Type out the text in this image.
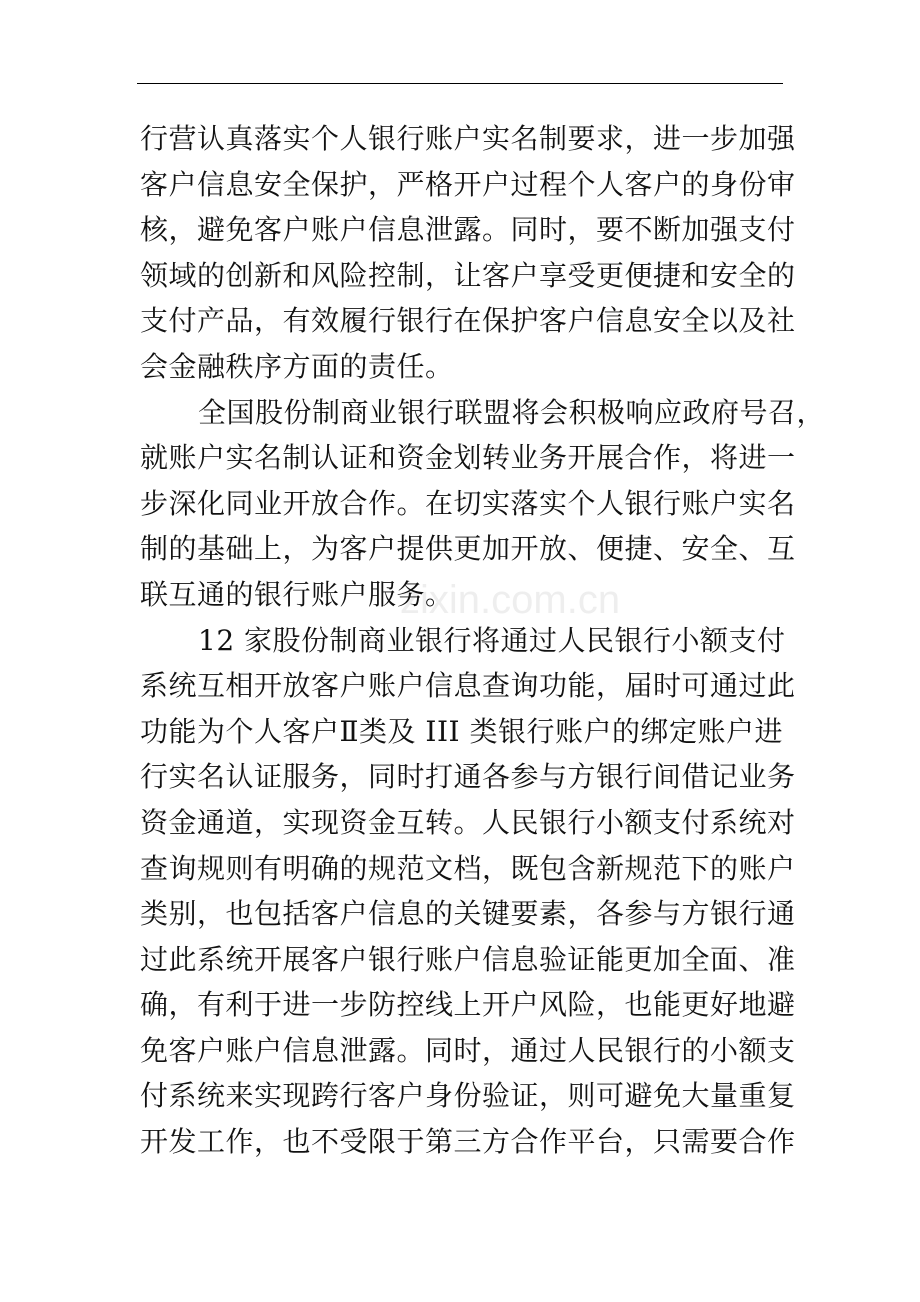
zixin.com.cn
行营认真落实个人银行账户实名制要求，进一步加强
客户信息安全保护，严格开户过程个人客户的身份审
核，避免客户账户信息泄露。同时，要不断加强支付
领域的创新和风险控制，让客户享受更便捷和安全的
支付产品，有效履行银行在保护客户信息安全以及社
会金融秩序方面的责任。
全国股份制商业银行联盟将会积极响应政府号召，
就账户实名制认证和资金划转业务开展合作，将进一
步深化同业开放合作。在切实落实个人银行账户实名
制的基础上，为客户提供更加开放、便捷、安全、互
联互通的银行账户服务。
12 家股份制商业银行将通过人民银行小额支付
系统互相开放客户账户信息查询功能，届时可通过此
功能为个人客户Ⅱ类及 III 类银行账户的绑定账户进
行实名认证服务，同时打通各参与方银行间借记业务
资金通道，实现资金互转。人民银行小额支付系统对
查询规则有明确的规范文档，既包含新规范下的账户
类别，也包括客户信息的关键要素，各参与方银行通
过此系统开展客户银行账户信息验证能更加全面、准
确，有利于进一步防控线上开户风险，也能更好地避
免客户账户信息泄露。同时，通过人民银行的小额支
付系统来实现跨行客户身份验证，则可避免大量重复
开发工作，也不受限于第三方合作平台，只需要合作
